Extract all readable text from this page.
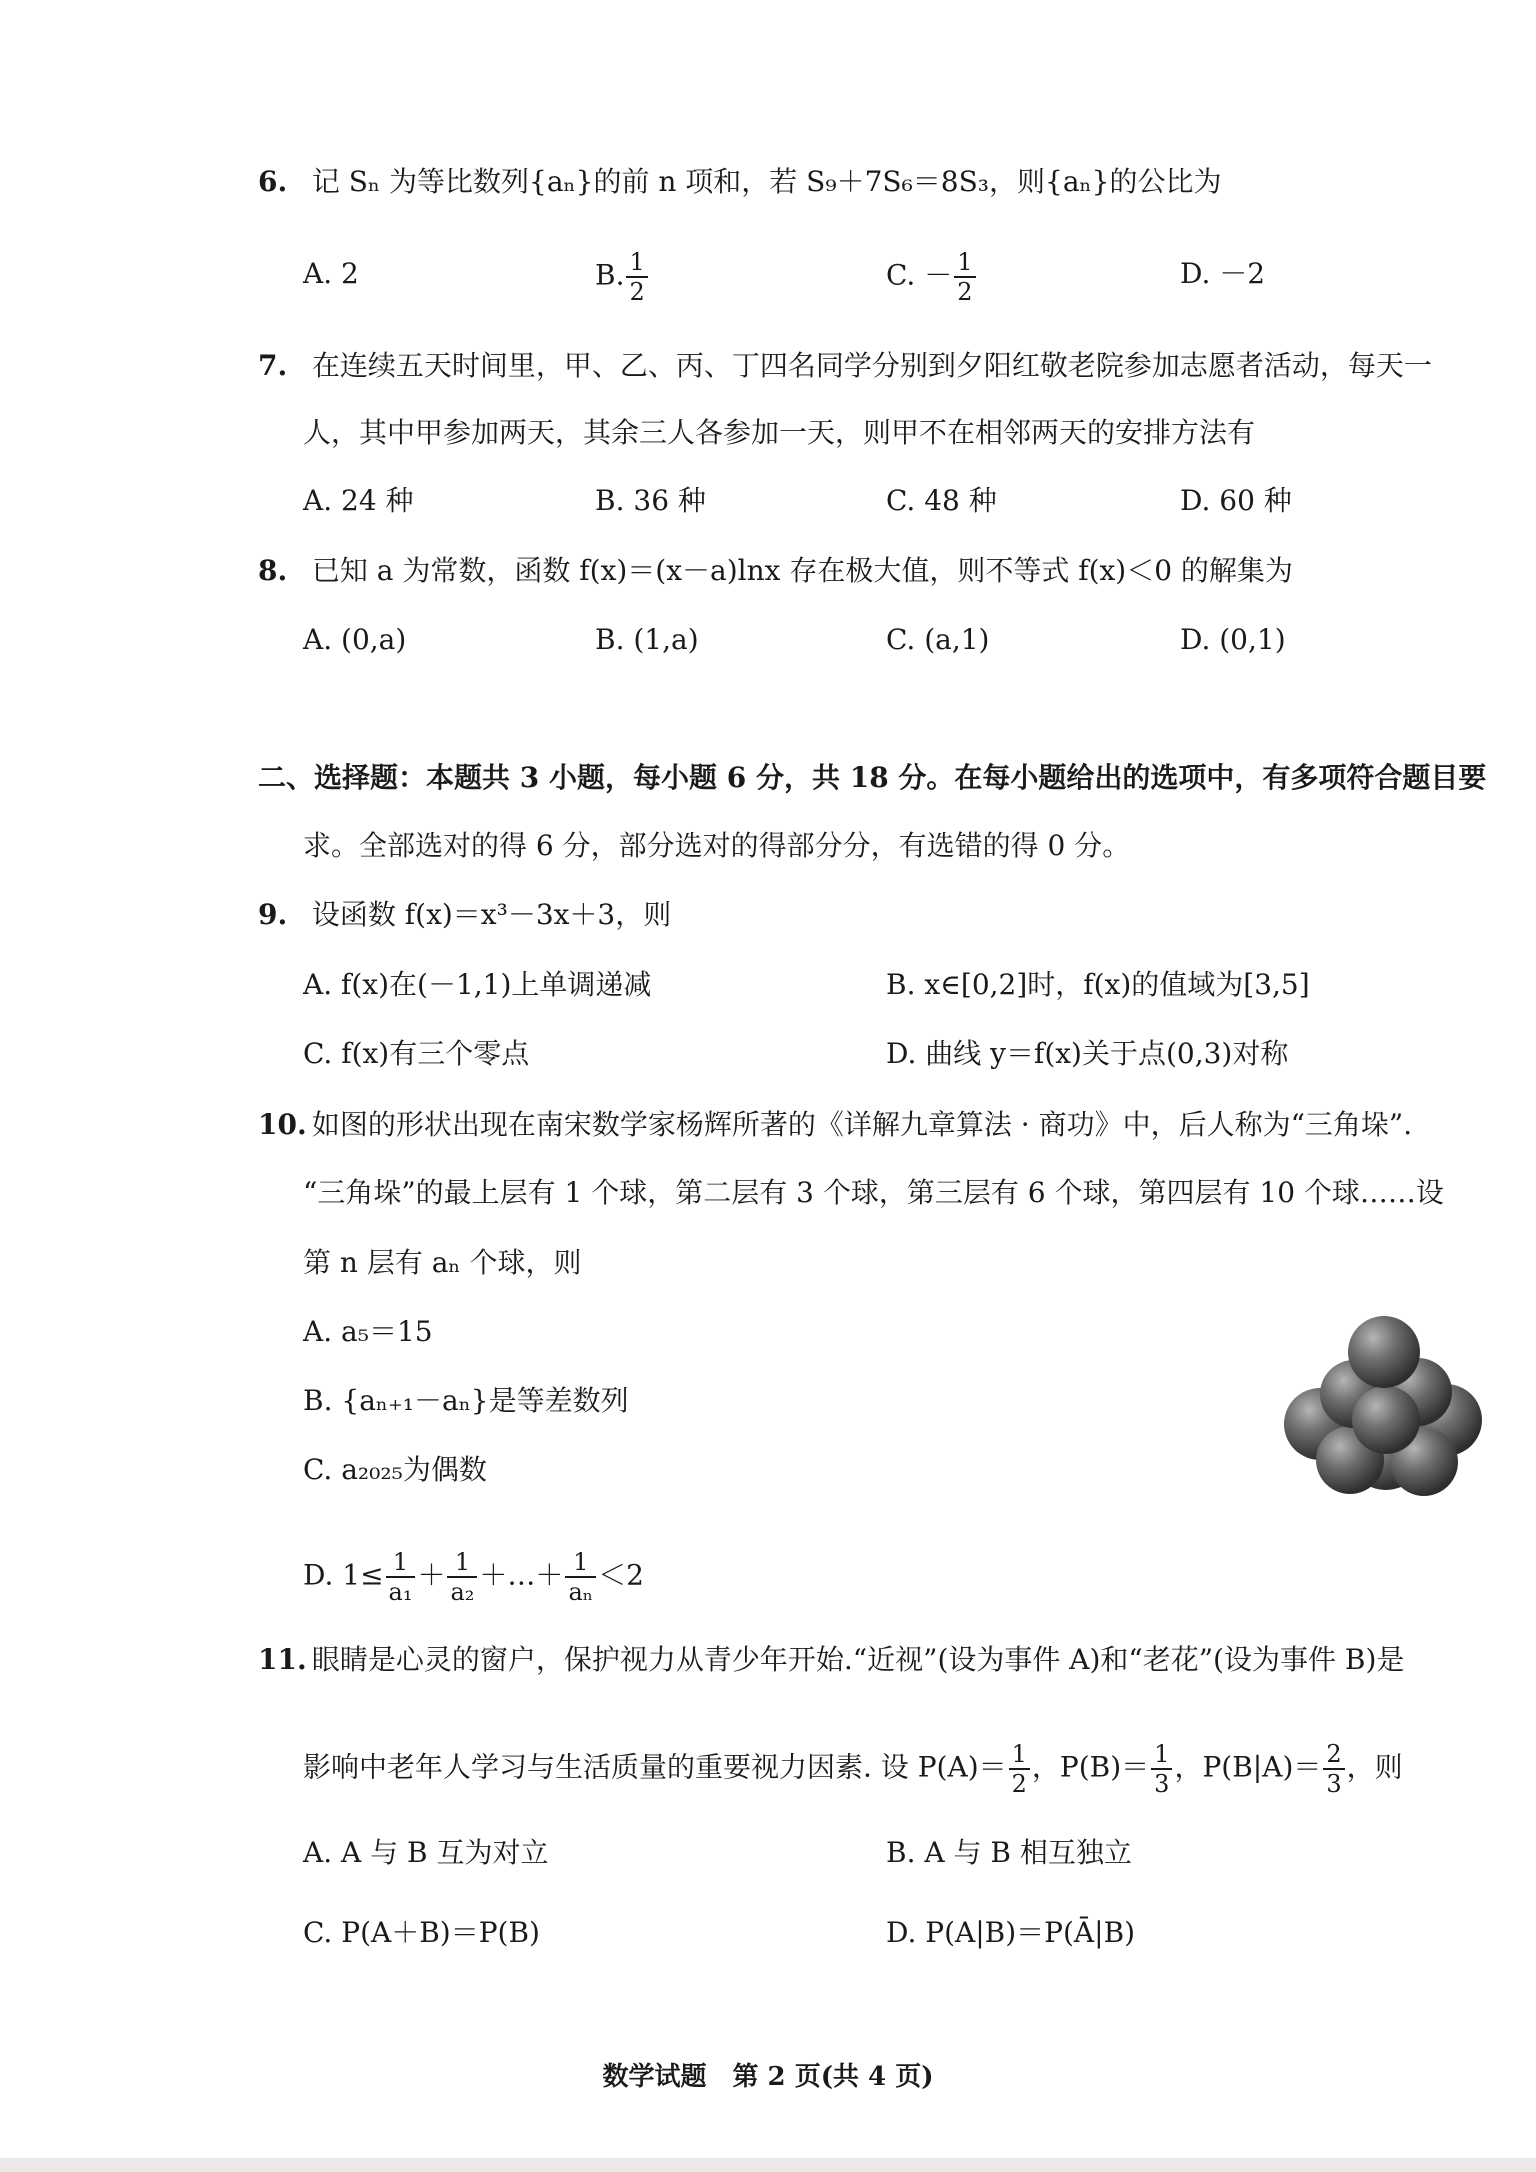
6. 记 Sₙ 为等比数列{aₙ}的前 n 项和，若 S₉＋7S₆＝8S₃，则{aₙ}的公比为
A. 2	B. $\frac{1}{2}$	C. － $\frac{1}{2}$	D. －2
7. 在连续五天时间里，甲、乙、丙、丁四名同学分别到夕阳红敬老院参加志愿者活动，每天一
人，其中甲参加两天，其余三人各参加一天，则甲不在相邻两天的安排方法有
A. 24 种	B. 36 种	C. 48 种	D. 60 种
8. 已知 a 为常数，函数 f(x)＝(x－a)lnx 存在极大值，则不等式 f(x)＜0 的解集为
A. (0,a)	B. (1,a)	C. (a,1)	D. (0,1)
二、选择题：本题共 3 小题，每小题 6 分，共 18 分。在每小题给出的选项中，有多项符合题目要
求。全部选对的得 6 分，部分选对的得部分分，有选错的得 0 分。
9. 设函数 f(x)＝x³－3x＋3，则
A. f(x)在(－1,1)上单调递减	B. x∈[0,2]时，f(x)的值域为[3,5]
C. f(x)有三个零点	D. 曲线 y＝f(x)关于点(0,3)对称
10. 如图的形状出现在南宋数学家杨辉所著的《详解九章算法 · 商功》中，后人称为“三角垛”.
“三角垛”的最上层有 1 个球，第二层有 3 个球，第三层有 6 个球，第四层有 10 个球……设
第 n 层有 aₙ 个球，则
A. a₅＝15
B. {aₙ₊₁－aₙ}是等差数列
C. a₂₀₂₅为偶数
D. $1\le \frac{1}{\text{a₁}} + \frac{1}{\text{a₂}}$ ＋…＋ $\frac{1}{\text{aₙ}} <2$
11. 眼睛是心灵的窗户，保护视力从青少年开始.“近视”(设为事件 A)和“老花”(设为事件 B)是
影响中老年人学习与生活质量的重要视力因素. 设 $P(A)= \frac{1}{2}$ ，$P(B)= \frac{1}{3}$ ，$P(B|A)= \frac{2}{3}$ ，则
A. A 与 B 互为对立	B. A 与 B 相互独立
C. P(A＋B)＝P(B)	D. P(A|B)＝P(Ā|B)
数学试题　第 2 页(共 4 页)
